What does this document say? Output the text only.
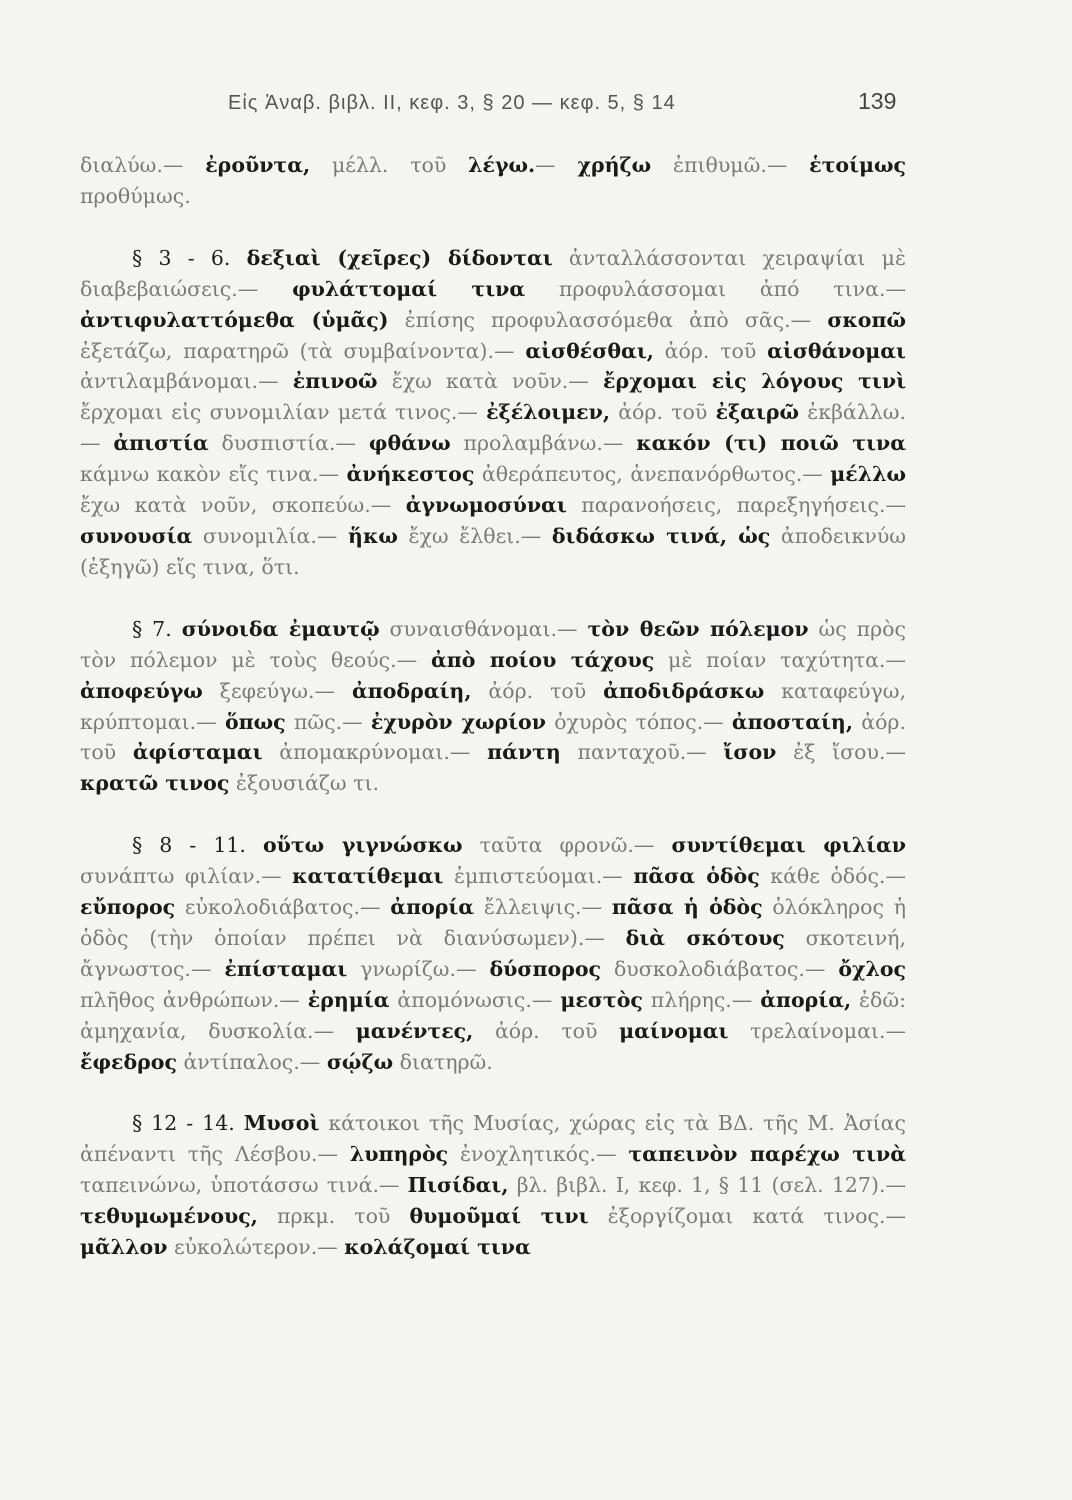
Εἰς Ἀναβ. βιβλ. II, κεφ. 3, § 20 — κεφ. 5, § 14	139

διαλύω.— ἐροῦντα, μέλλ. τοῦ λέγω.— χρήζω ἐπιθυμῶ.— ἑτοίμως προθύμως.

§ 3 - 6. δεξιαὶ (χεῖρες) δίδονται ἀνταλλάσσονται χειραψίαι μὲ διαβεβαιώσεις.— φυλάττομαί τινα προφυλάσσομαι ἀπό τινα.— ἀντιφυλαττόμεθα (ὑμᾶς) ἐπίσης προφυλασσόμεθα ἀπὸ σᾶς.— σκοπῶ ἐξετάζω, παρατηρῶ (τὰ συμβαίνοντα).— αἰσθέσθαι, ἀόρ. τοῦ αἰσθάνομαι ἀντιλαμβάνομαι.— ἐπινοῶ ἔχω κατὰ νοῦν.— ἔρχομαι εἰς λόγους τινὶ ἔρχομαι εἰς συνομιλίαν μετά τινος.— ἐξέλοιμεν, ἀόρ. τοῦ ἐξαιρῶ ἐκβάλλω.— ἀπιστία δυσπιστία.— φθάνω προλαμβάνω.— κακόν (τι) ποιῶ τινα κάμνω κακὸν εἴς τινα.— ἀνήκεστος ἀθεράπευτος, ἀνεπανόρθωτος.— μέλλω ἔχω κατὰ νοῦν, σκοπεύω.— ἀγνωμοσύναι παρανοήσεις, παρεξηγήσεις.— συνουσία συνομιλία.— ἥκω ἔχω ἔλθει.— διδάσκω τινά, ὡς ἀποδεικνύω (ἐξηγῶ) εἴς τινα, ὅτι.

§ 7. σύνοιδα ἐμαυτῷ συναισθάνομαι.— τὸν θεῶν πόλεμον ὡς πρὸς τὸν πόλεμον μὲ τοὺς θεούς.— ἀπὸ ποίου τάχους μὲ ποίαν ταχύτητα.— ἀποφεύγω ξεφεύγω.— ἀποδραίη, ἀόρ. τοῦ ἀποδιδράσκω καταφεύγω, κρύπτομαι.— ὅπως πῶς.— ἐχυρὸν χωρίον ὀχυρὸς τόπος.— ἀποσταίη, ἀόρ. τοῦ ἀφίσταμαι ἀπομακρύνομαι.— πάντη πανταχοῦ.— ἴσον ἐξ ἴσου.— κρατῶ τινος ἐξουσιάζω τι.

§ 8 - 11. οὕτω γιγνώσκω ταῦτα φρονῶ.— συντίθεμαι φιλίαν συνάπτω φιλίαν.— κατατίθεμαι ἐμπιστεύομαι.— πᾶσα ὁδὸς κάθε ὁδός.— εὔπορος εὐκολοδιάβατος.— ἀπορία ἔλλειψις.— πᾶσα ἡ ὁδὸς ὁλόκληρος ἡ ὁδὸς (τὴν ὁποίαν πρέπει νὰ διανύσωμεν).— διὰ σκότους σκοτεινή, ἄγνωστος.— ἐπίσταμαι γνωρίζω.— δύσπορος δυσκολοδιάβατος.— ὄχλος πλῆθος ἀνθρώπων.— ἐρημία ἀπομόνωσις.— μεστὸς πλήρης.— ἀπορία, ἐδῶ: ἀμηχανία, δυσκολία.— μανέντες, ἀόρ. τοῦ μαίνομαι τρελαίνομαι.— ἔφεδρος ἀντίπαλος.— σῴζω διατηρῶ.

§ 12 - 14. Μυσοὶ κάτοικοι τῆς Μυσίας, χώρας εἰς τὰ ΒΔ. τῆς Μ. Ἀσίας ἀπέναντι τῆς Λέσβου.— λυπηρὸς ἐνοχλητικός.— ταπεινὸν παρέχω τινὰ ταπεινώνω, ὑποτάσσω τινά.— Πισίδαι, βλ. βιβλ. I, κεφ. 1, § 11 (σελ. 127).— τεθυμωμένους, πρκμ. τοῦ θυμοῦμαί τινι ἐξοργίζομαι κατά τινος.— μᾶλλον εὐκολώτερον.— κολάζομαί τινα
